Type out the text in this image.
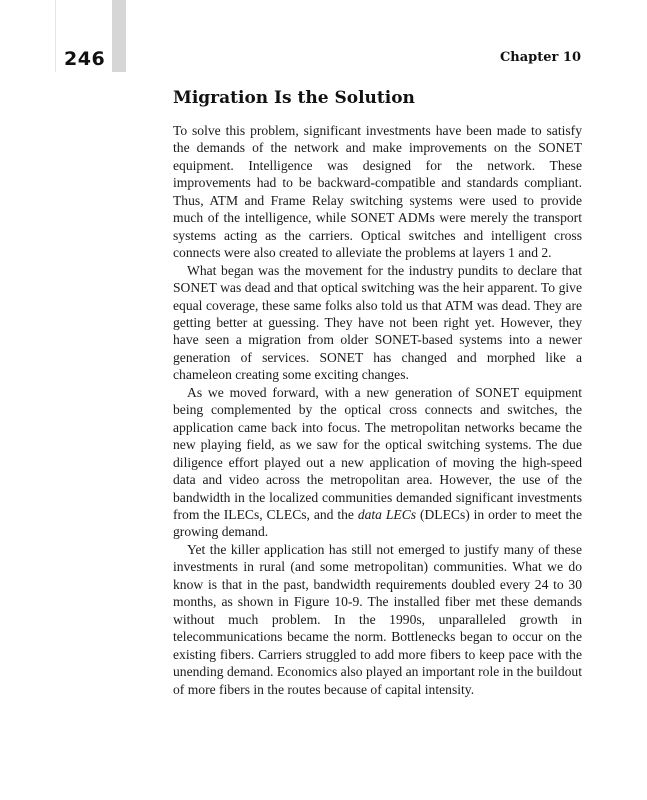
246	Chapter 10
Migration Is the Solution

To solve this problem, significant investments have been made to satisfy the demands of the network and make improvements on the SONET equipment. Intelligence was designed for the network. These improvements had to be backward-compatible and standards compliant. Thus, ATM and Frame Relay switching systems were used to provide much of the intelligence, while SONET ADMs were merely the transport systems acting as the carriers. Optical switches and intelligent cross connects were also created to alleviate the problems at layers 1 and 2.

What began was the movement for the industry pundits to declare that SONET was dead and that optical switching was the heir apparent. To give equal coverage, these same folks also told us that ATM was dead. They are getting better at guessing. They have not been right yet. However, they have seen a migration from older SONET-based systems into a newer generation of services. SONET has changed and morphed like a chameleon creating some exciting changes.

As we moved forward, with a new generation of SONET equipment being complemented by the optical cross connects and switches, the application came back into focus. The metropolitan networks became the new playing field, as we saw for the optical switching systems. The due diligence effort played out a new application of moving the high-speed data and video across the metropolitan area. However, the use of the bandwidth in the localized communities demanded significant investments from the ILECs, CLECs, and the data LECs (DLECs) in order to meet the growing demand.

Yet the killer application has still not emerged to justify many of these investments in rural (and some metropolitan) communities. What we do know is that in the past, bandwidth requirements doubled every 24 to 30 months, as shown in Figure 10-9. The installed fiber met these demands without much problem. In the 1990s, unparalleled growth in telecommunications became the norm. Bottlenecks began to occur on the existing fibers. Carriers struggled to add more fibers to keep pace with the unending demand. Economics also played an important role in the buildout of more fibers in the routes because of capital intensity.
